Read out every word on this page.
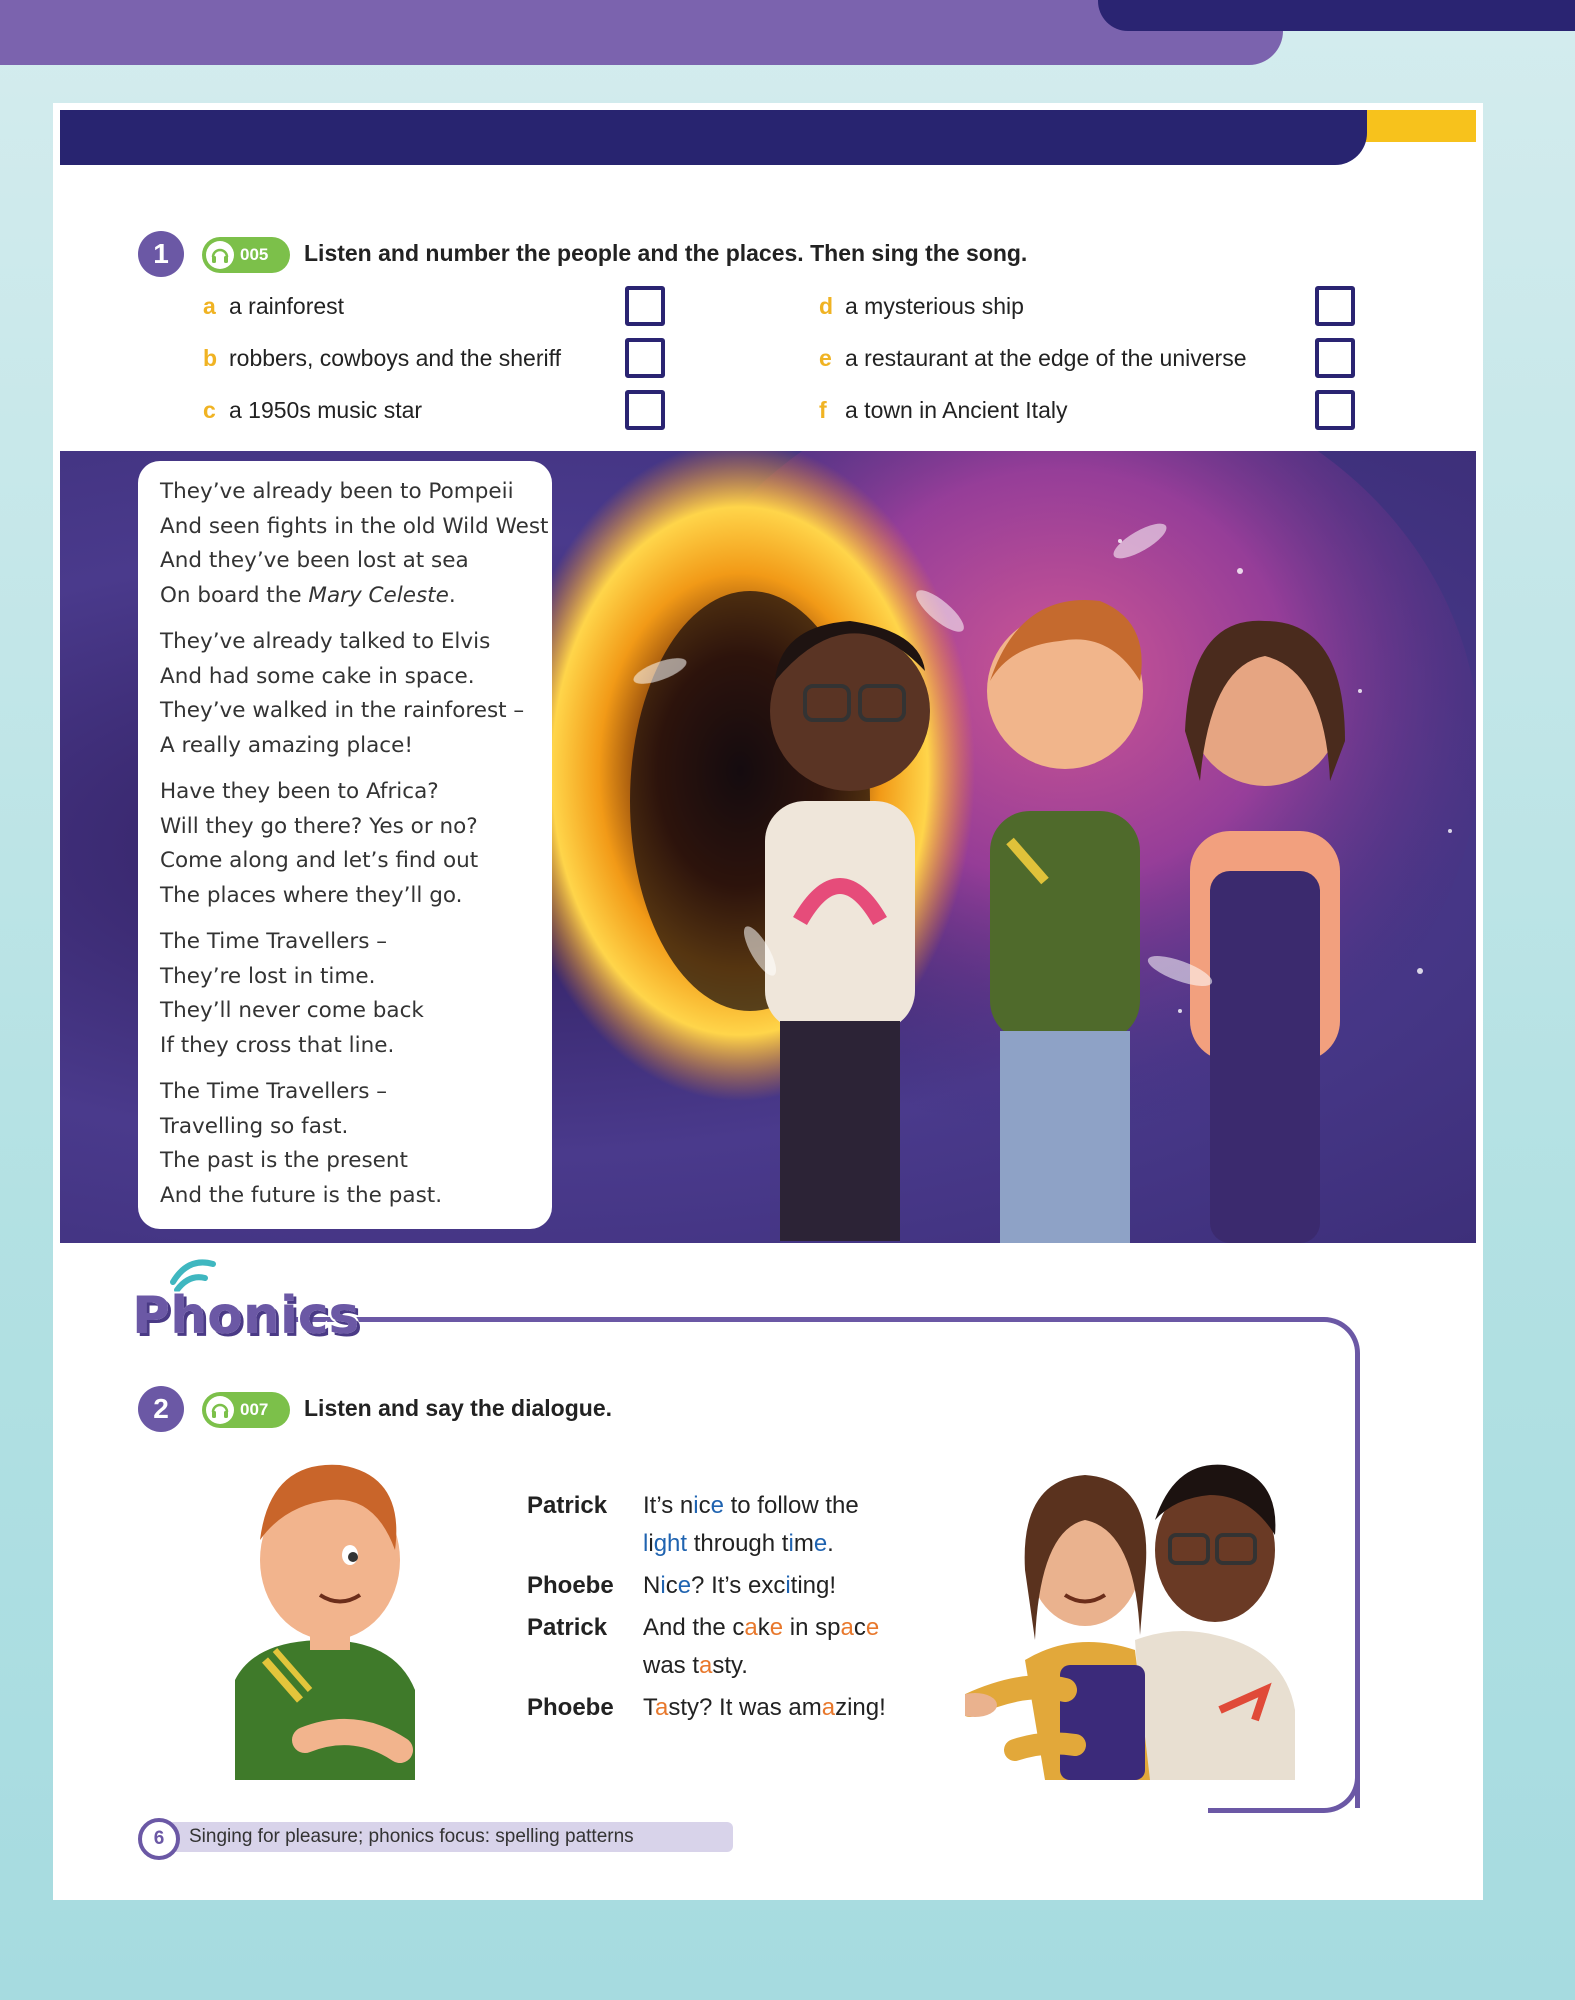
1	005 Listen and number the people and the places. Then sing the song.
a a rainforest
b robbers, cowboys and the sheriff
c a 1950s music star
d a mysterious ship
e a restaurant at the edge of the universe
f a town in Ancient Italy
They’ve already been to Pompeii
And seen fights in the old Wild West
And they’ve been lost at sea
On board the Mary Celeste.
They’ve already talked to Elvis
And had some cake in space.
They’ve walked in the rainforest –
A really amazing place!
Have they been to Africa?
Will they go there? Yes or no?
Come along and let’s find out
The places where they’ll go.
The Time Travellers –
They’re lost in time.
They’ll never come back
If they cross that line.
The Time Travellers –
Travelling so fast.
The past is the present
And the future is the past.
Phonics
2	007 Listen and say the dialogue.
Patrick It’s nice to follow the
light through time.
Phoebe Nice? It’s exciting!
Patrick And the cake in space
was tasty.
Phoebe Tasty? It was amazing!
Singing for pleasure; phonics focus: spelling patterns
6
